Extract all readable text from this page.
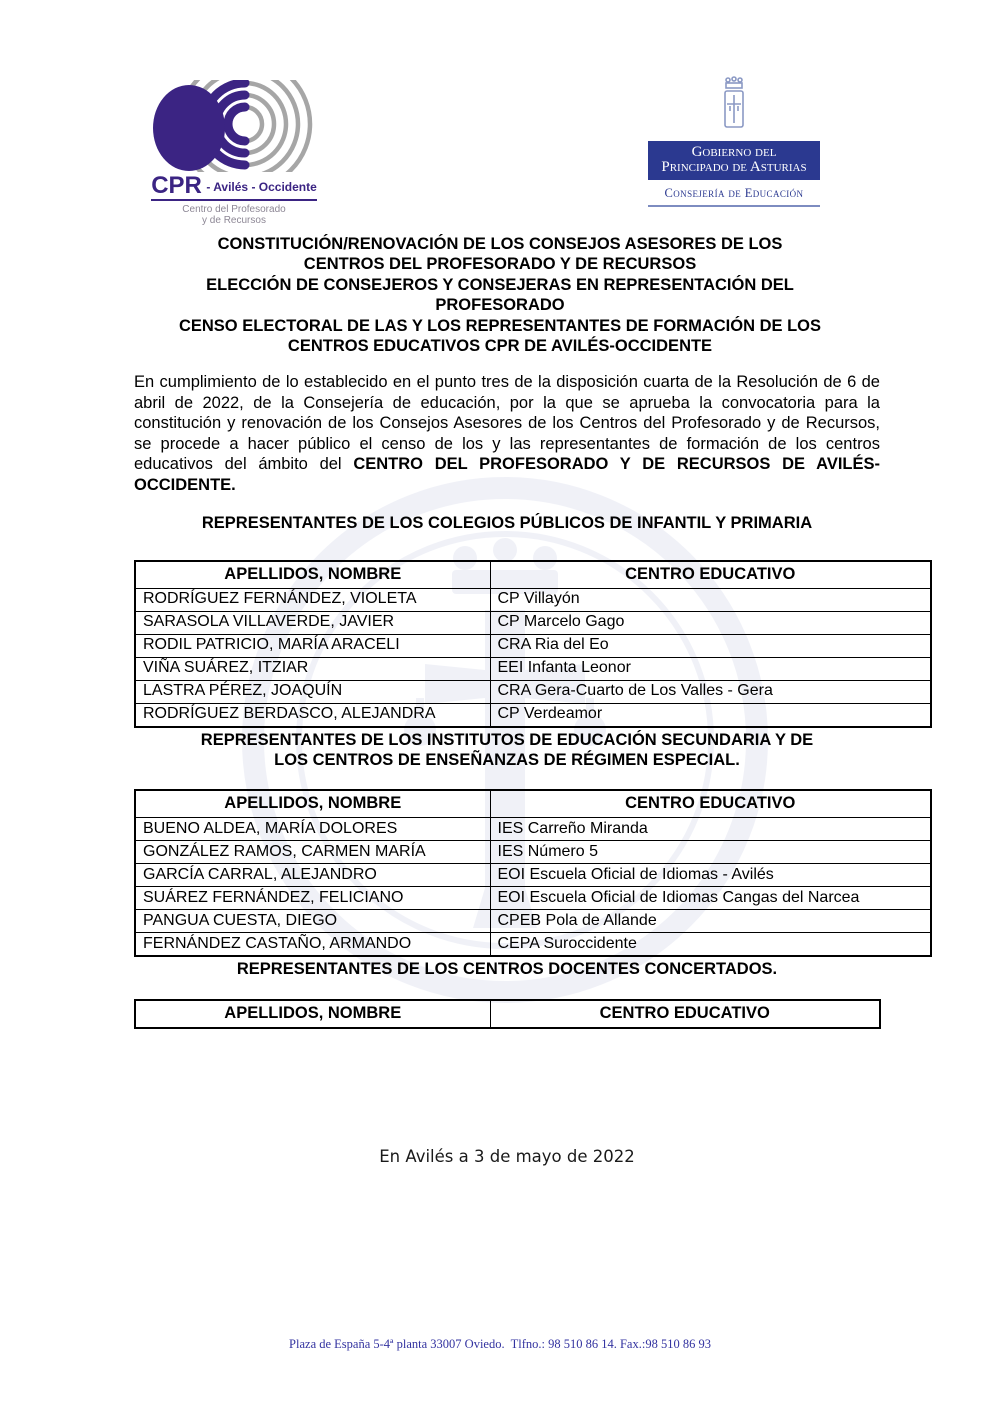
CPR - Avilés - Occidente
Centro del Profesorado
y de Recursos
Gobierno del
Principado de Asturias
Consejería de Educación
CONSTITUCIÓN/RENOVACIÓN DE LOS CONSEJOS ASESORES DE LOS
CENTROS DEL PROFESORADO Y DE RECURSOS
ELECCIÓN DE CONSEJEROS Y CONSEJERAS EN REPRESENTACIÓN DEL
PROFESORADO
CENSO ELECTORAL DE LAS Y LOS REPRESENTANTES DE FORMACIÓN DE LOS
CENTROS EDUCATIVOS CPR DE AVILÉS-OCCIDENTE

En cumplimiento de lo establecido en el punto tres de la disposición cuarta de la Resolución de 6 de abril de 2022, de la Consejería de educación, por la que se aprueba la convocatoria para la constitución y renovación de los Consejos Asesores de los Centros del Profesorado y de Recursos, se procede a hacer público el censo de los y las representantes de formación de los centros educativos del ámbito del CENTRO DEL PROFESORADO Y DE RECURSOS DE AVILÉS- OCCIDENTE.

REPRESENTANTES DE LOS COLEGIOS PÚBLICOS DE INFANTIL Y PRIMARIA
APELLIDOS, NOMBRE	CENTRO EDUCATIVO
RODRÍGUEZ FERNÁNDEZ, VIOLETA	CP Villayón
SARASOLA VILLAVERDE, JAVIER	CP Marcelo Gago
RODIL PATRICIO, MARÍA ARACELI	CRA Ria del Eo
VIÑA SUÁREZ, ITZIAR	EEI Infanta Leonor
LASTRA PÉREZ, JOAQUÍN	CRA Gera-Cuarto de Los Valles - Gera
RODRÍGUEZ BERDASCO, ALEJANDRA	CP Verdeamor
REPRESENTANTES DE LOS INSTITUTOS DE EDUCACIÓN SECUNDARIA Y DE
LOS CENTROS DE ENSEÑANZAS DE RÉGIMEN ESPECIAL.
APELLIDOS, NOMBRE	CENTRO EDUCATIVO
BUENO ALDEA, MARÍA DOLORES	IES Carreño Miranda
GONZÁLEZ RAMOS, CARMEN MARÍA	IES Número 5
GARCÍA CARRAL, ALEJANDRO	EOI Escuela Oficial de Idiomas - Avilés
SUÁREZ FERNÁNDEZ, FELICIANO	EOI Escuela Oficial de Idiomas Cangas del Narcea
PANGUA CUESTA, DIEGO	CPEB Pola de Allande
FERNÁNDEZ CASTAÑO, ARMANDO	CEPA Suroccidente
REPRESENTANTES DE LOS CENTROS DOCENTES CONCERTADOS.
APELLIDOS, NOMBRE	CENTRO EDUCATIVO
En Avilés a 3 de mayo de 2022
Plaza de España 5-4ª planta 33007 Oviedo.  Tlfno.: 98 510 86 14. Fax.:98 510 86 93
